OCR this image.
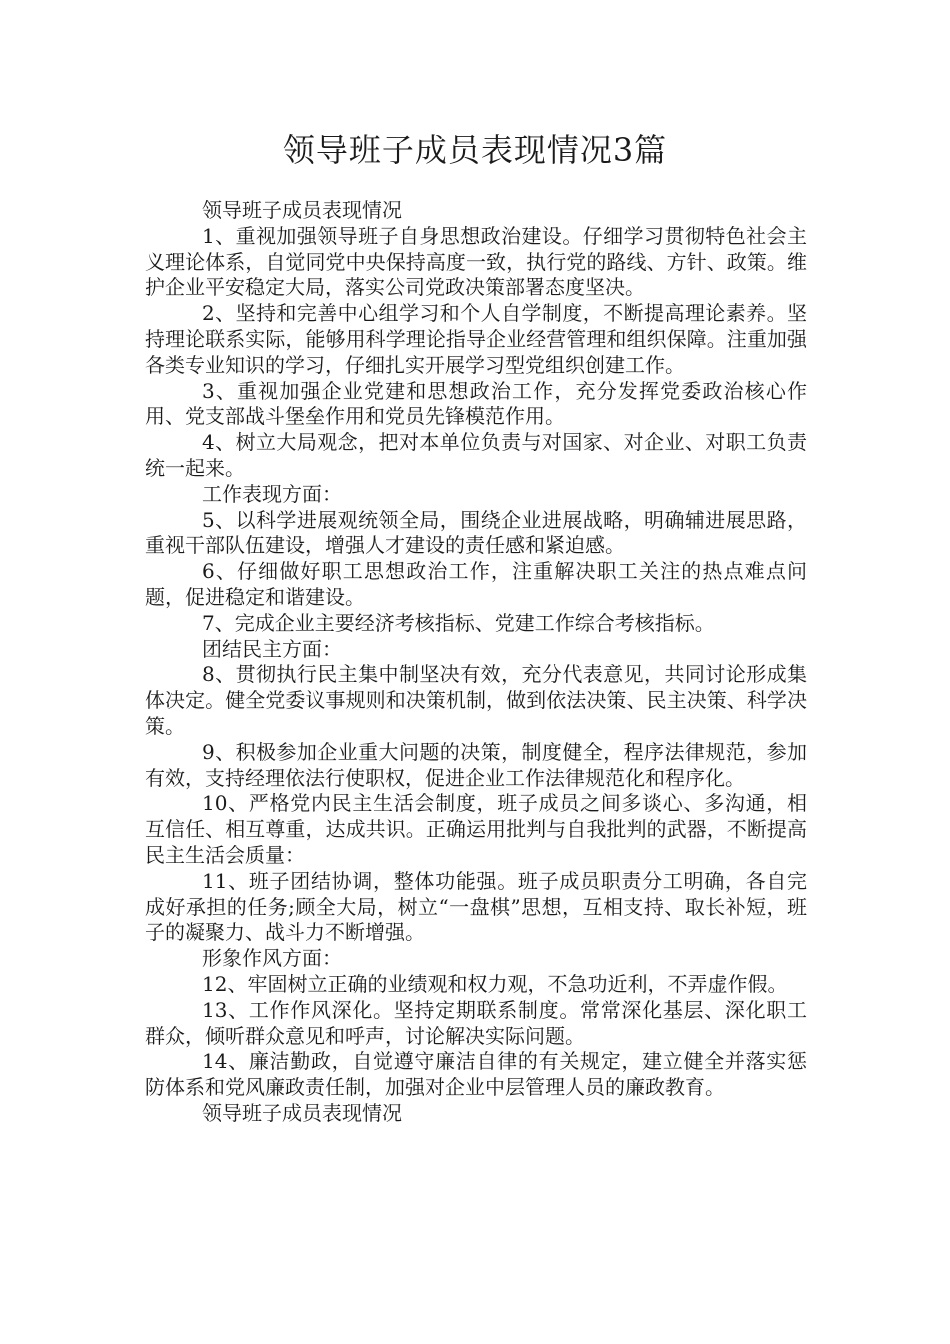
领导班子成员表现情况3篇

领导班子成员表现情况

1、重视加强领导班子自身思想政治建设。仔细学习贯彻特色社会主义理论体系，自觉同党中央保持高度一致，执行党的路线、方针、政策。维护企业平安稳定大局，落实公司党政决策部署态度坚决。

2、坚持和完善中心组学习和个人自学制度，不断提高理论素养。坚持理论联系实际，能够用科学理论指导企业经营管理和组织保障。注重加强各类专业知识的学习，仔细扎实开展学习型党组织创建工作。

3、重视加强企业党建和思想政治工作，充分发挥党委政治核心作用、党支部战斗堡垒作用和党员先锋模范作用。

4、树立大局观念，把对本单位负责与对国家、对企业、对职工负责统一起来。

工作表现方面：

5、以科学进展观统领全局，围绕企业进展战略，明确辅进展思路，重视干部队伍建设，增强人才建设的责任感和紧迫感。

6、仔细做好职工思想政治工作，注重解决职工关注的热点难点问题，促进稳定和谐建设。

7、完成企业主要经济考核指标、党建工作综合考核指标。

团结民主方面：

8、贯彻执行民主集中制坚决有效，充分代表意见，共同讨论形成集体决定。健全党委议事规则和决策机制，做到依法决策、民主决策、科学决策。

9、积极参加企业重大问题的决策，制度健全，程序法律规范，参加有效，支持经理依法行使职权，促进企业工作法律规范化和程序化。

10、严格党内民主生活会制度，班子成员之间多谈心、多沟通，相互信任、相互尊重，达成共识。正确运用批判与自我批判的武器，不断提高民主生活会质量：

11、班子团结协调，整体功能强。班子成员职责分工明确，各自完成好承担的任务;顾全大局，树立“一盘棋”思想，互相支持、取长补短，班子的凝聚力、战斗力不断增强。

形象作风方面：

12、牢固树立正确的业绩观和权力观，不急功近利，不弄虚作假。

13、工作作风深化。坚持定期联系制度。常常深化基层、深化职工群众，倾听群众意见和呼声，讨论解决实际问题。

14、廉洁勤政，自觉遵守廉洁自律的有关规定，建立健全并落实惩防体系和党风廉政责任制，加强对企业中层管理人员的廉政教育。

领导班子成员表现情况
